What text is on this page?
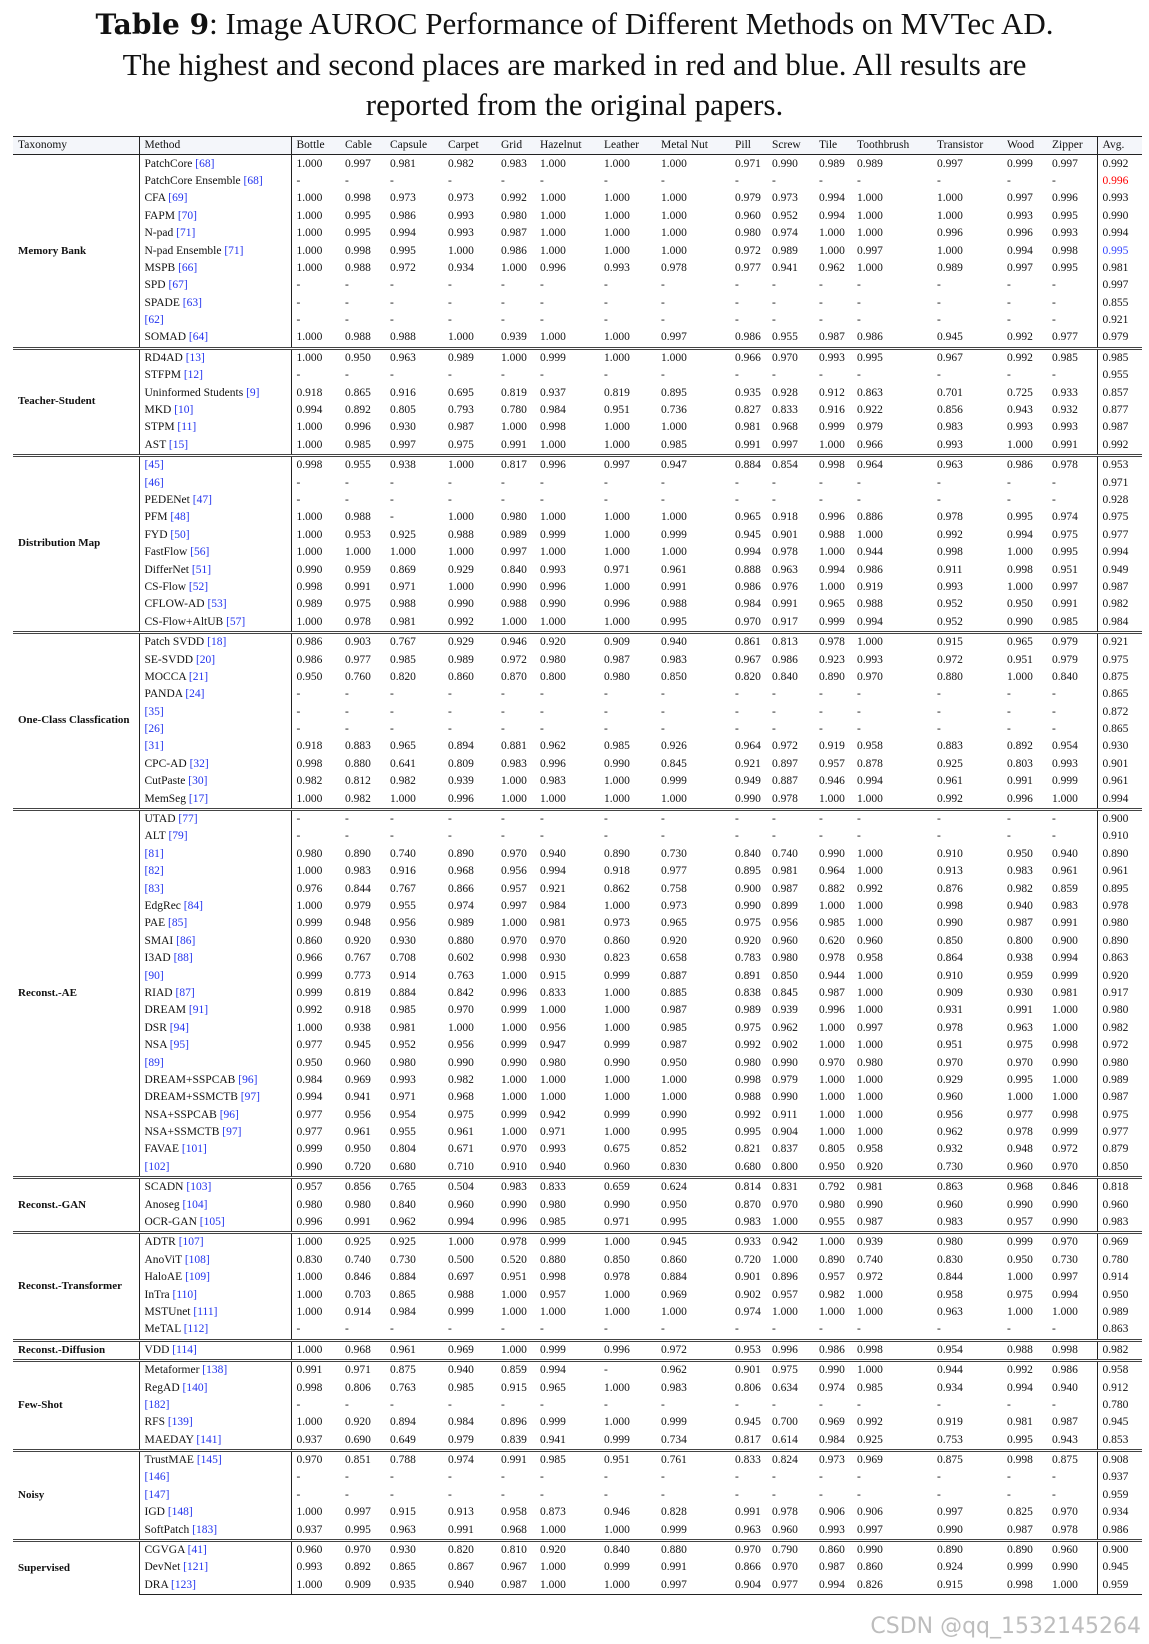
Table 9: Image AUROC Performance of Different Methods on MVTec AD.
The highest and second places are marked in red and blue. All results are
reported from the original papers.
Taxonomy	Method	Bottle	Cable	Capsule	Carpet	Grid	Hazelnut	Leather	Metal Nut	Pill	Screw	Tile	Toothbrush	Transistor	Wood	Zipper	Avg.
Memory Bank	PatchCore [68]	1.000	0.997	0.981	0.982	0.983	1.000	1.000	1.000	0.971	0.990	0.989	0.989	0.997	0.999	0.997	0.992
	PatchCore Ensemble [68]	-	-	-	-	-	-	-	-	-	-	-	-	-	-	-	0.996
	CFA [69]	1.000	0.998	0.973	0.973	0.992	1.000	1.000	1.000	0.979	0.973	0.994	1.000	1.000	0.997	0.996	0.993
	FAPM [70]	1.000	0.995	0.986	0.993	0.980	1.000	1.000	1.000	0.960	0.952	0.994	1.000	1.000	0.993	0.995	0.990
	N-pad [71]	1.000	0.995	0.994	0.993	0.987	1.000	1.000	1.000	0.980	0.974	1.000	1.000	0.996	0.996	0.993	0.994
	N-pad Ensemble [71]	1.000	0.998	0.995	1.000	0.986	1.000	1.000	1.000	0.972	0.989	1.000	0.997	1.000	0.994	0.998	0.995
	MSPB [66]	1.000	0.988	0.972	0.934	1.000	0.996	0.993	0.978	0.977	0.941	0.962	1.000	0.989	0.997	0.995	0.981
	SPD [67]	-	-	-	-	-	-	-	-	-	-	-	-	-	-	-	0.997
	SPADE [63]	-	-	-	-	-	-	-	-	-	-	-	-	-	-	-	0.855
	[62]	-	-	-	-	-	-	-	-	-	-	-	-	-	-	-	0.921
	SOMAD [64]	1.000	0.988	0.988	1.000	0.939	1.000	1.000	0.997	0.986	0.955	0.987	0.986	0.945	0.992	0.977	0.979
Teacher-Student	RD4AD [13]	1.000	0.950	0.963	0.989	1.000	0.999	1.000	1.000	0.966	0.970	0.993	0.995	0.967	0.992	0.985	0.985
	STFPM [12]	-	-	-	-	-	-	-	-	-	-	-	-	-	-	-	0.955
	Uninformed Students [9]	0.918	0.865	0.916	0.695	0.819	0.937	0.819	0.895	0.935	0.928	0.912	0.863	0.701	0.725	0.933	0.857
	MKD [10]	0.994	0.892	0.805	0.793	0.780	0.984	0.951	0.736	0.827	0.833	0.916	0.922	0.856	0.943	0.932	0.877
	STPM [11]	1.000	0.996	0.930	0.987	1.000	0.998	1.000	1.000	0.981	0.968	0.999	0.979	0.983	0.993	0.993	0.987
	AST [15]	1.000	0.985	0.997	0.975	0.991	1.000	1.000	0.985	0.991	0.997	1.000	0.966	0.993	1.000	0.991	0.992
Distribution Map	[45]	0.998	0.955	0.938	1.000	0.817	0.996	0.997	0.947	0.884	0.854	0.998	0.964	0.963	0.986	0.978	0.953
	[46]	-	-	-	-	-	-	-	-	-	-	-	-	-	-	-	0.971
	PEDENet [47]	-	-	-	-	-	-	-	-	-	-	-	-	-	-	-	0.928
	PFM [48]	1.000	0.988	-	1.000	0.980	1.000	1.000	1.000	0.965	0.918	0.996	0.886	0.978	0.995	0.974	0.975
	FYD [50]	1.000	0.953	0.925	0.988	0.989	0.999	1.000	0.999	0.945	0.901	0.988	1.000	0.992	0.994	0.975	0.977
	FastFlow [56]	1.000	1.000	1.000	1.000	0.997	1.000	1.000	1.000	0.994	0.978	1.000	0.944	0.998	1.000	0.995	0.994
	DifferNet [51]	0.990	0.959	0.869	0.929	0.840	0.993	0.971	0.961	0.888	0.963	0.994	0.986	0.911	0.998	0.951	0.949
	CS-Flow [52]	0.998	0.991	0.971	1.000	0.990	0.996	1.000	0.991	0.986	0.976	1.000	0.919	0.993	1.000	0.997	0.987
	CFLOW-AD [53]	0.989	0.975	0.988	0.990	0.988	0.990	0.996	0.988	0.984	0.991	0.965	0.988	0.952	0.950	0.991	0.982
	CS-Flow+AltUB [57]	1.000	0.978	0.981	0.992	1.000	1.000	1.000	0.995	0.970	0.917	0.999	0.994	0.952	0.990	0.985	0.984
One-Class Classfication	Patch SVDD [18]	0.986	0.903	0.767	0.929	0.946	0.920	0.909	0.940	0.861	0.813	0.978	1.000	0.915	0.965	0.979	0.921
	SE-SVDD [20]	0.986	0.977	0.985	0.989	0.972	0.980	0.987	0.983	0.967	0.986	0.923	0.993	0.972	0.951	0.979	0.975
	MOCCA [21]	0.950	0.760	0.820	0.860	0.870	0.800	0.980	0.850	0.820	0.840	0.890	0.970	0.880	1.000	0.840	0.875
	PANDA [24]	-	-	-	-	-	-	-	-	-	-	-	-	-	-	-	0.865
	[35]	-	-	-	-	-	-	-	-	-	-	-	-	-	-	-	0.872
	[26]	-	-	-	-	-	-	-	-	-	-	-	-	-	-	-	0.865
	[31]	0.918	0.883	0.965	0.894	0.881	0.962	0.985	0.926	0.964	0.972	0.919	0.958	0.883	0.892	0.954	0.930
	CPC-AD [32]	0.998	0.880	0.641	0.809	0.983	0.996	0.990	0.845	0.921	0.897	0.957	0.878	0.925	0.803	0.993	0.901
	CutPaste [30]	0.982	0.812	0.982	0.939	1.000	0.983	1.000	0.999	0.949	0.887	0.946	0.994	0.961	0.991	0.999	0.961
	MemSeg [17]	1.000	0.982	1.000	0.996	1.000	1.000	1.000	1.000	0.990	0.978	1.000	1.000	0.992	0.996	1.000	0.994
Reconst.-AE	UTAD [77]	-	-	-	-	-	-	-	-	-	-	-	-	-	-	-	0.900
	ALT [79]	-	-	-	-	-	-	-	-	-	-	-	-	-	-	-	0.910
	[81]	0.980	0.890	0.740	0.890	0.970	0.940	0.890	0.730	0.840	0.740	0.990	1.000	0.910	0.950	0.940	0.890
	[82]	1.000	0.983	0.916	0.968	0.956	0.994	0.918	0.977	0.895	0.981	0.964	1.000	0.913	0.983	0.961	0.961
	[83]	0.976	0.844	0.767	0.866	0.957	0.921	0.862	0.758	0.900	0.987	0.882	0.992	0.876	0.982	0.859	0.895
	EdgRec [84]	1.000	0.979	0.955	0.974	0.997	0.984	1.000	0.973	0.990	0.899	1.000	1.000	0.998	0.940	0.983	0.978
	PAE [85]	0.999	0.948	0.956	0.989	1.000	0.981	0.973	0.965	0.975	0.956	0.985	1.000	0.990	0.987	0.991	0.980
	SMAI [86]	0.860	0.920	0.930	0.880	0.970	0.970	0.860	0.920	0.920	0.960	0.620	0.960	0.850	0.800	0.900	0.890
	I3AD [88]	0.966	0.767	0.708	0.602	0.998	0.930	0.823	0.658	0.783	0.980	0.978	0.958	0.864	0.938	0.994	0.863
	[90]	0.999	0.773	0.914	0.763	1.000	0.915	0.999	0.887	0.891	0.850	0.944	1.000	0.910	0.959	0.999	0.920
	RIAD [87]	0.999	0.819	0.884	0.842	0.996	0.833	1.000	0.885	0.838	0.845	0.987	1.000	0.909	0.930	0.981	0.917
	DREAM [91]	0.992	0.918	0.985	0.970	0.999	1.000	1.000	0.987	0.989	0.939	0.996	1.000	0.931	0.991	1.000	0.980
	DSR [94]	1.000	0.938	0.981	1.000	1.000	0.956	1.000	0.985	0.975	0.962	1.000	0.997	0.978	0.963	1.000	0.982
	NSA [95]	0.977	0.945	0.952	0.956	0.999	0.947	0.999	0.987	0.992	0.902	1.000	1.000	0.951	0.975	0.998	0.972
	[89]	0.950	0.960	0.980	0.990	0.990	0.980	0.990	0.950	0.980	0.990	0.970	0.980	0.970	0.970	0.990	0.980
	DREAM+SSPCAB [96]	0.984	0.969	0.993	0.982	1.000	1.000	1.000	1.000	0.998	0.979	1.000	1.000	0.929	0.995	1.000	0.989
	DREAM+SSMCTB [97]	0.994	0.941	0.971	0.968	1.000	1.000	1.000	1.000	0.988	0.990	1.000	1.000	0.960	1.000	1.000	0.987
	NSA+SSPCAB [96]	0.977	0.956	0.954	0.975	0.999	0.942	0.999	0.990	0.992	0.911	1.000	1.000	0.956	0.977	0.998	0.975
	NSA+SSMCTB [97]	0.977	0.961	0.955	0.961	1.000	0.971	1.000	0.995	0.995	0.904	1.000	1.000	0.962	0.978	0.999	0.977
	FAVAE [101]	0.999	0.950	0.804	0.671	0.970	0.993	0.675	0.852	0.821	0.837	0.805	0.958	0.932	0.948	0.972	0.879
	[102]	0.990	0.720	0.680	0.710	0.910	0.940	0.960	0.830	0.680	0.800	0.950	0.920	0.730	0.960	0.970	0.850
Reconst.-GAN	SCADN [103]	0.957	0.856	0.765	0.504	0.983	0.833	0.659	0.624	0.814	0.831	0.792	0.981	0.863	0.968	0.846	0.818
	Anoseg [104]	0.980	0.980	0.840	0.960	0.990	0.980	0.990	0.950	0.870	0.970	0.980	0.990	0.960	0.990	0.990	0.960
	OCR-GAN [105]	0.996	0.991	0.962	0.994	0.996	0.985	0.971	0.995	0.983	1.000	0.955	0.987	0.983	0.957	0.990	0.983
Reconst.-Transformer	ADTR [107]	1.000	0.925	0.925	1.000	0.978	0.999	1.000	0.945	0.933	0.942	1.000	0.939	0.980	0.999	0.970	0.969
	AnoViT [108]	0.830	0.740	0.730	0.500	0.520	0.880	0.850	0.860	0.720	1.000	0.890	0.740	0.830	0.950	0.730	0.780
	HaloAE [109]	1.000	0.846	0.884	0.697	0.951	0.998	0.978	0.884	0.901	0.896	0.957	0.972	0.844	1.000	0.997	0.914
	InTra [110]	1.000	0.703	0.865	0.988	1.000	0.957	1.000	0.969	0.902	0.957	0.982	1.000	0.958	0.975	0.994	0.950
	MSTUnet [111]	1.000	0.914	0.984	0.999	1.000	1.000	1.000	1.000	0.974	1.000	1.000	1.000	0.963	1.000	1.000	0.989
	MeTAL [112]	-	-	-	-	-	-	-	-	-	-	-	-	-	-	-	0.863
Reconst.-Diffusion	VDD [114]	1.000	0.968	0.961	0.969	1.000	0.999	0.996	0.972	0.953	0.996	0.986	0.998	0.954	0.988	0.998	0.982
Few-Shot	Metaformer [138]	0.991	0.971	0.875	0.940	0.859	0.994	-	0.962	0.901	0.975	0.990	1.000	0.944	0.992	0.986	0.958
	RegAD [140]	0.998	0.806	0.763	0.985	0.915	0.965	1.000	0.983	0.806	0.634	0.974	0.985	0.934	0.994	0.940	0.912
	[182]	-	-	-	-	-	-	-	-	-	-	-	-	-	-	-	0.780
	RFS [139]	1.000	0.920	0.894	0.984	0.896	0.999	1.000	0.999	0.945	0.700	0.969	0.992	0.919	0.981	0.987	0.945
	MAEDAY [141]	0.937	0.690	0.649	0.979	0.839	0.941	0.999	0.734	0.817	0.614	0.984	0.925	0.753	0.995	0.943	0.853
Noisy	TrustMAE [145]	0.970	0.851	0.788	0.974	0.991	0.985	0.951	0.761	0.833	0.824	0.973	0.969	0.875	0.998	0.875	0.908
	[146]	-	-	-	-	-	-	-	-	-	-	-	-	-	-	-	0.937
	[147]	-	-	-	-	-	-	-	-	-	-	-	-	-	-	-	0.959
	IGD [148]	1.000	0.997	0.915	0.913	0.958	0.873	0.946	0.828	0.991	0.978	0.906	0.906	0.997	0.825	0.970	0.934
	SoftPatch [183]	0.937	0.995	0.963	0.991	0.968	1.000	1.000	0.999	0.963	0.960	0.993	0.997	0.990	0.987	0.978	0.986
Supervised	CGVGA [41]	0.960	0.970	0.930	0.820	0.810	0.920	0.840	0.880	0.970	0.790	0.860	0.990	0.890	0.890	0.960	0.900
	DevNet [121]	0.993	0.892	0.865	0.867	0.967	1.000	0.999	0.991	0.866	0.970	0.987	0.860	0.924	0.999	0.990	0.945
	DRA [123]	1.000	0.909	0.935	0.940	0.987	1.000	1.000	0.997	0.904	0.977	0.994	0.826	0.915	0.998	1.000	0.959
CSDN @qq_1532145264
